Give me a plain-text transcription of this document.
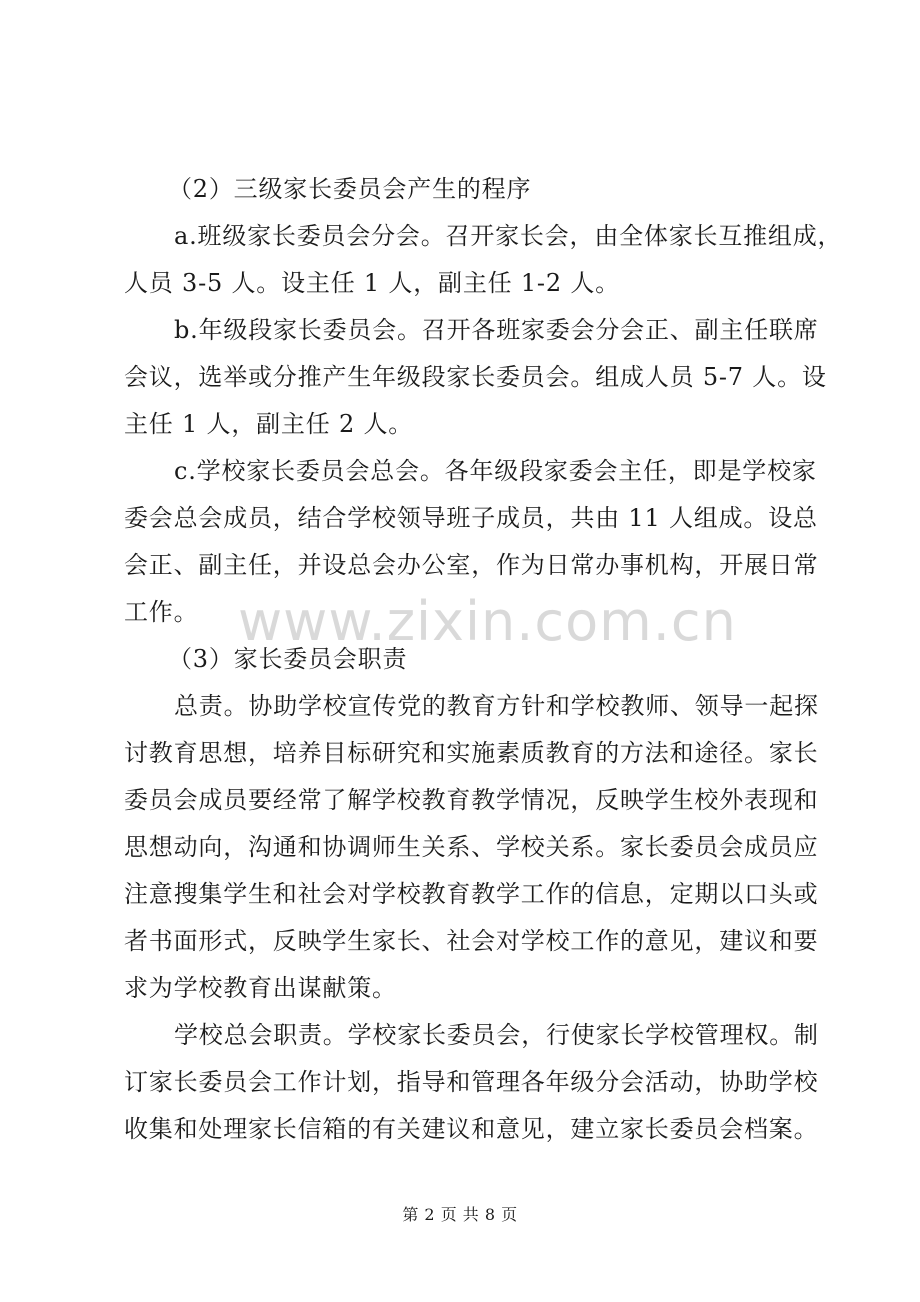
www.zixin.com.cn
（2）三级家长委员会产生的程序
a.班级家长委员会分会。召开家长会，由全体家长互推组成，
人员 3-5 人。设主任 1 人，副主任 1-2 人。
b.年级段家长委员会。召开各班家委会分会正、副主任联席
会议，选举或分推产生年级段家长委员会。组成人员 5-7 人。设
主任 1 人，副主任 2 人。
c.学校家长委员会总会。各年级段家委会主任，即是学校家
委会总会成员，结合学校领导班子成员，共由 11 人组成。设总
会正、副主任，并设总会办公室，作为日常办事机构，开展日常
工作。
（3）家长委员会职责
总责。协助学校宣传党的教育方针和学校教师、领导一起探
讨教育思想，培养目标研究和实施素质教育的方法和途径。家长
委员会成员要经常了解学校教育教学情况，反映学生校外表现和
思想动向，沟通和协调师生关系、学校关系。家长委员会成员应
注意搜集学生和社会对学校教育教学工作的信息，定期以口头或
者书面形式，反映学生家长、社会对学校工作的意见，建议和要
求为学校教育出谋献策。
学校总会职责。学校家长委员会，行使家长学校管理权。制
订家长委员会工作计划，指导和管理各年级分会活动，协助学校
收集和处理家长信箱的有关建议和意见，建立家长委员会档案。
第 2 页 共 8 页
